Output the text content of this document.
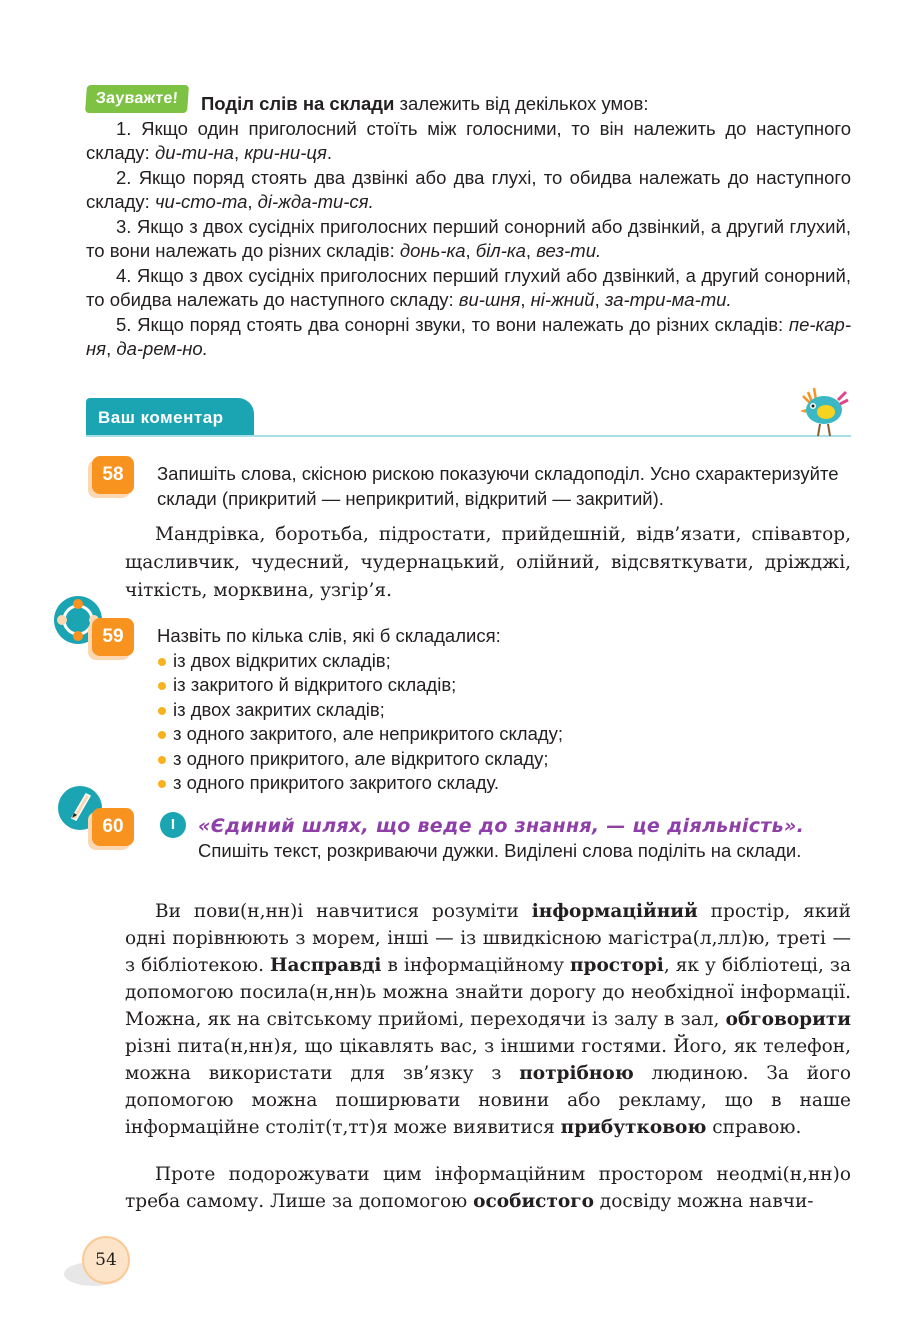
Зауважте!	Поділ слів на склади залежить від декількох умов:
1. Якщо один приголосний стоїть між голосними, то він належить до наступного складу: ди-ти-на, кри-ни-ця.
2. Якщо поряд стоять два дзвінкі або два глухі, то обидва належать до наступного складу: чи-сто-та, ді-жда-ти-ся.
3. Якщо з двох сусідніх приголосних перший сонорний або дзвінкий, а другий глухий, то вони належать до різних складів: донь-ка, біл-ка, вез-ти.
4. Якщо з двох сусідніх приголосних перший глухий або дзвінкий, а другий сонорний, то обидва належать до наступного складу: ви-шня, ні-жний, за-три-ма-ти.
5. Якщо поряд стоять два сонорні звуки, то вони належать до різних складів: пе-кар-ня, да-рем-но.
Ваш коментар
58	Запишіть слова, скісною рискою показуючи складоподіл. Усно схарактеризуйте склади (прикритий — неприкритий, відкритий — закритий).
Мандрівка, боротьба, підростати, прийдешній, відв’язати, співавтор, щасливчик, чудесний, чудернацький, олійний, відсвяткувати, дріжджі, чіткість, морквина, узгір’я.
59	Назвіть по кілька слів, які б складалися:
із двох відкритих складів;
із закритого й відкритого складів;
із двох закритих складів;
з одного закритого, але неприкритого складу;
з одного прикритого, але відкритого складу;
з одного прикритого закритого складу.
60	I	«Єдиний шлях, що веде до знання, — це діяльність».
Спишіть текст, розкриваючи дужки. Виділені слова поділіть на склади.
Ви пови(н,нн)і навчитися розуміти інформаційний простір, який одні порівнюють з морем, інші — із швидкісною магістра(л,лл)ю, треті — з бібліотекою. Насправді в інформаційному просторі, як у бібліотеці, за допомогою посила(н,нн)ь можна знайти дорогу до необхідної інформації. Можна, як на світському прийомі, переходячи із залу в зал, обговорити різні пита(н,нн)я, що цікавлять вас, з іншими гостями. Його, як телефон, можна використати для зв’язку з потрібною людиною. За його допомогою можна поширювати новини або рекламу, що в наше інформаційне століт(т,тт)я може виявитися прибутковою справою.
Проте подорожувати цим інформаційним простором неодмі(н,нн)о треба самому. Лише за допомогою особистого досвіду можна навчи-
54
